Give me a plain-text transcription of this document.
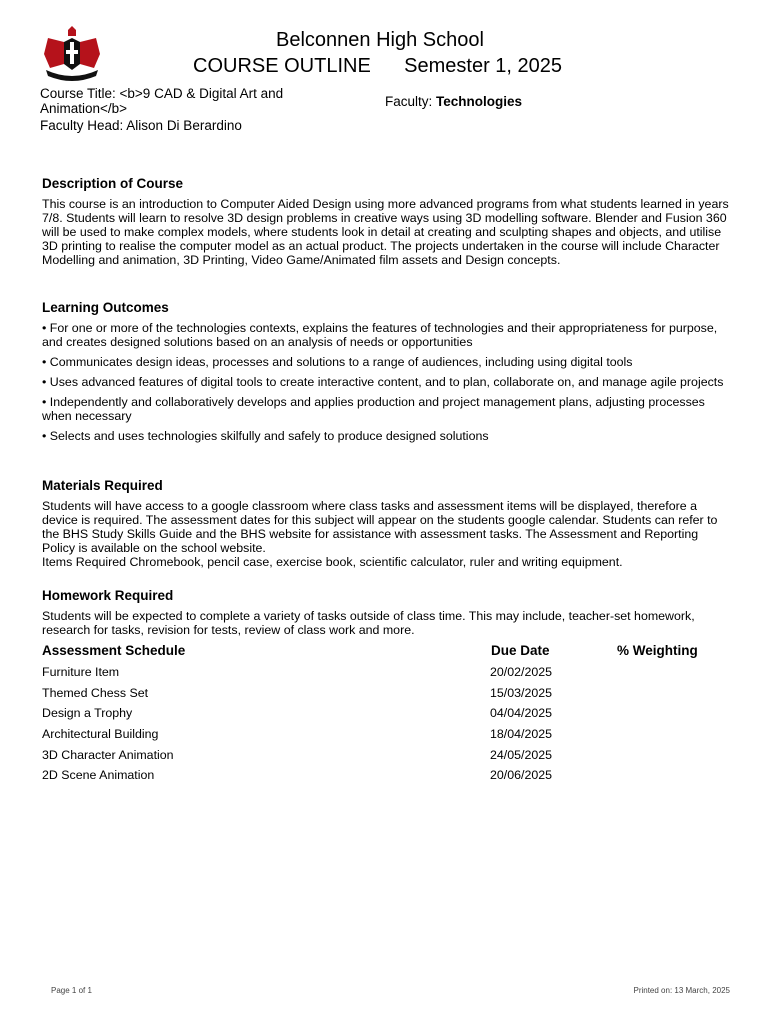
Belconnen High School
COURSE OUTLINE Semester 1, 2025
Course Title: <b>9 CAD & Digital Art and Animation</b>	Faculty: Technologies
Faculty Head: Alison Di Berardino
Description of Course

This course is an introduction to Computer Aided Design using more advanced programs from what students learned in years 7/8. Students will learn to resolve 3D design problems in creative ways using 3D modelling software. Blender and Fusion 360 will be used to make complex models, where students look in detail at creating and sculpting shapes and objects, and utilise 3D printing to realise the computer model as an actual product. The projects undertaken in the course will include Character Modelling and animation, 3D Printing, Video Game/Animated film assets and Design concepts.

Learning Outcomes
• For one or more of the technologies contexts, explains the features of technologies and their appropriateness for purpose, and creates designed solutions based on an analysis of needs or opportunities
• Communicates design ideas, processes and solutions to a range of audiences, including using digital tools
• Uses advanced features of digital tools to create interactive content, and to plan, collaborate on, and manage agile projects
• Independently and collaboratively develops and applies production and project management plans, adjusting processes when necessary
• Selects and uses technologies skilfully and safely to produce designed solutions
Materials Required

Students will have access to a google classroom where class tasks and assessment items will be displayed, therefore a device is required. The assessment dates for this subject will appear on the students google calendar. Students can refer to the BHS Study Skills Guide and the BHS website for assistance with assessment tasks. The Assessment and Reporting Policy is available on the school website.

Items Required Chromebook, pencil case, exercise book, scientific calculator, ruler and writing equipment.

Homework Required

Students will be expected to complete a variety of tasks outside of class time. This may include, teacher-set homework, research for tasks, revision for tests, review of class work and more.

Assessment Schedule	Due Date	% Weighting
Furniture Item	20/02/2025
Themed Chess Set	15/03/2025
Design a Trophy	04/04/2025
Architectural Building	18/04/2025
3D Character Animation	24/05/2025
2D Scene Animation	20/06/2025
Page 1 of 1	Printed on: 13 March, 2025
